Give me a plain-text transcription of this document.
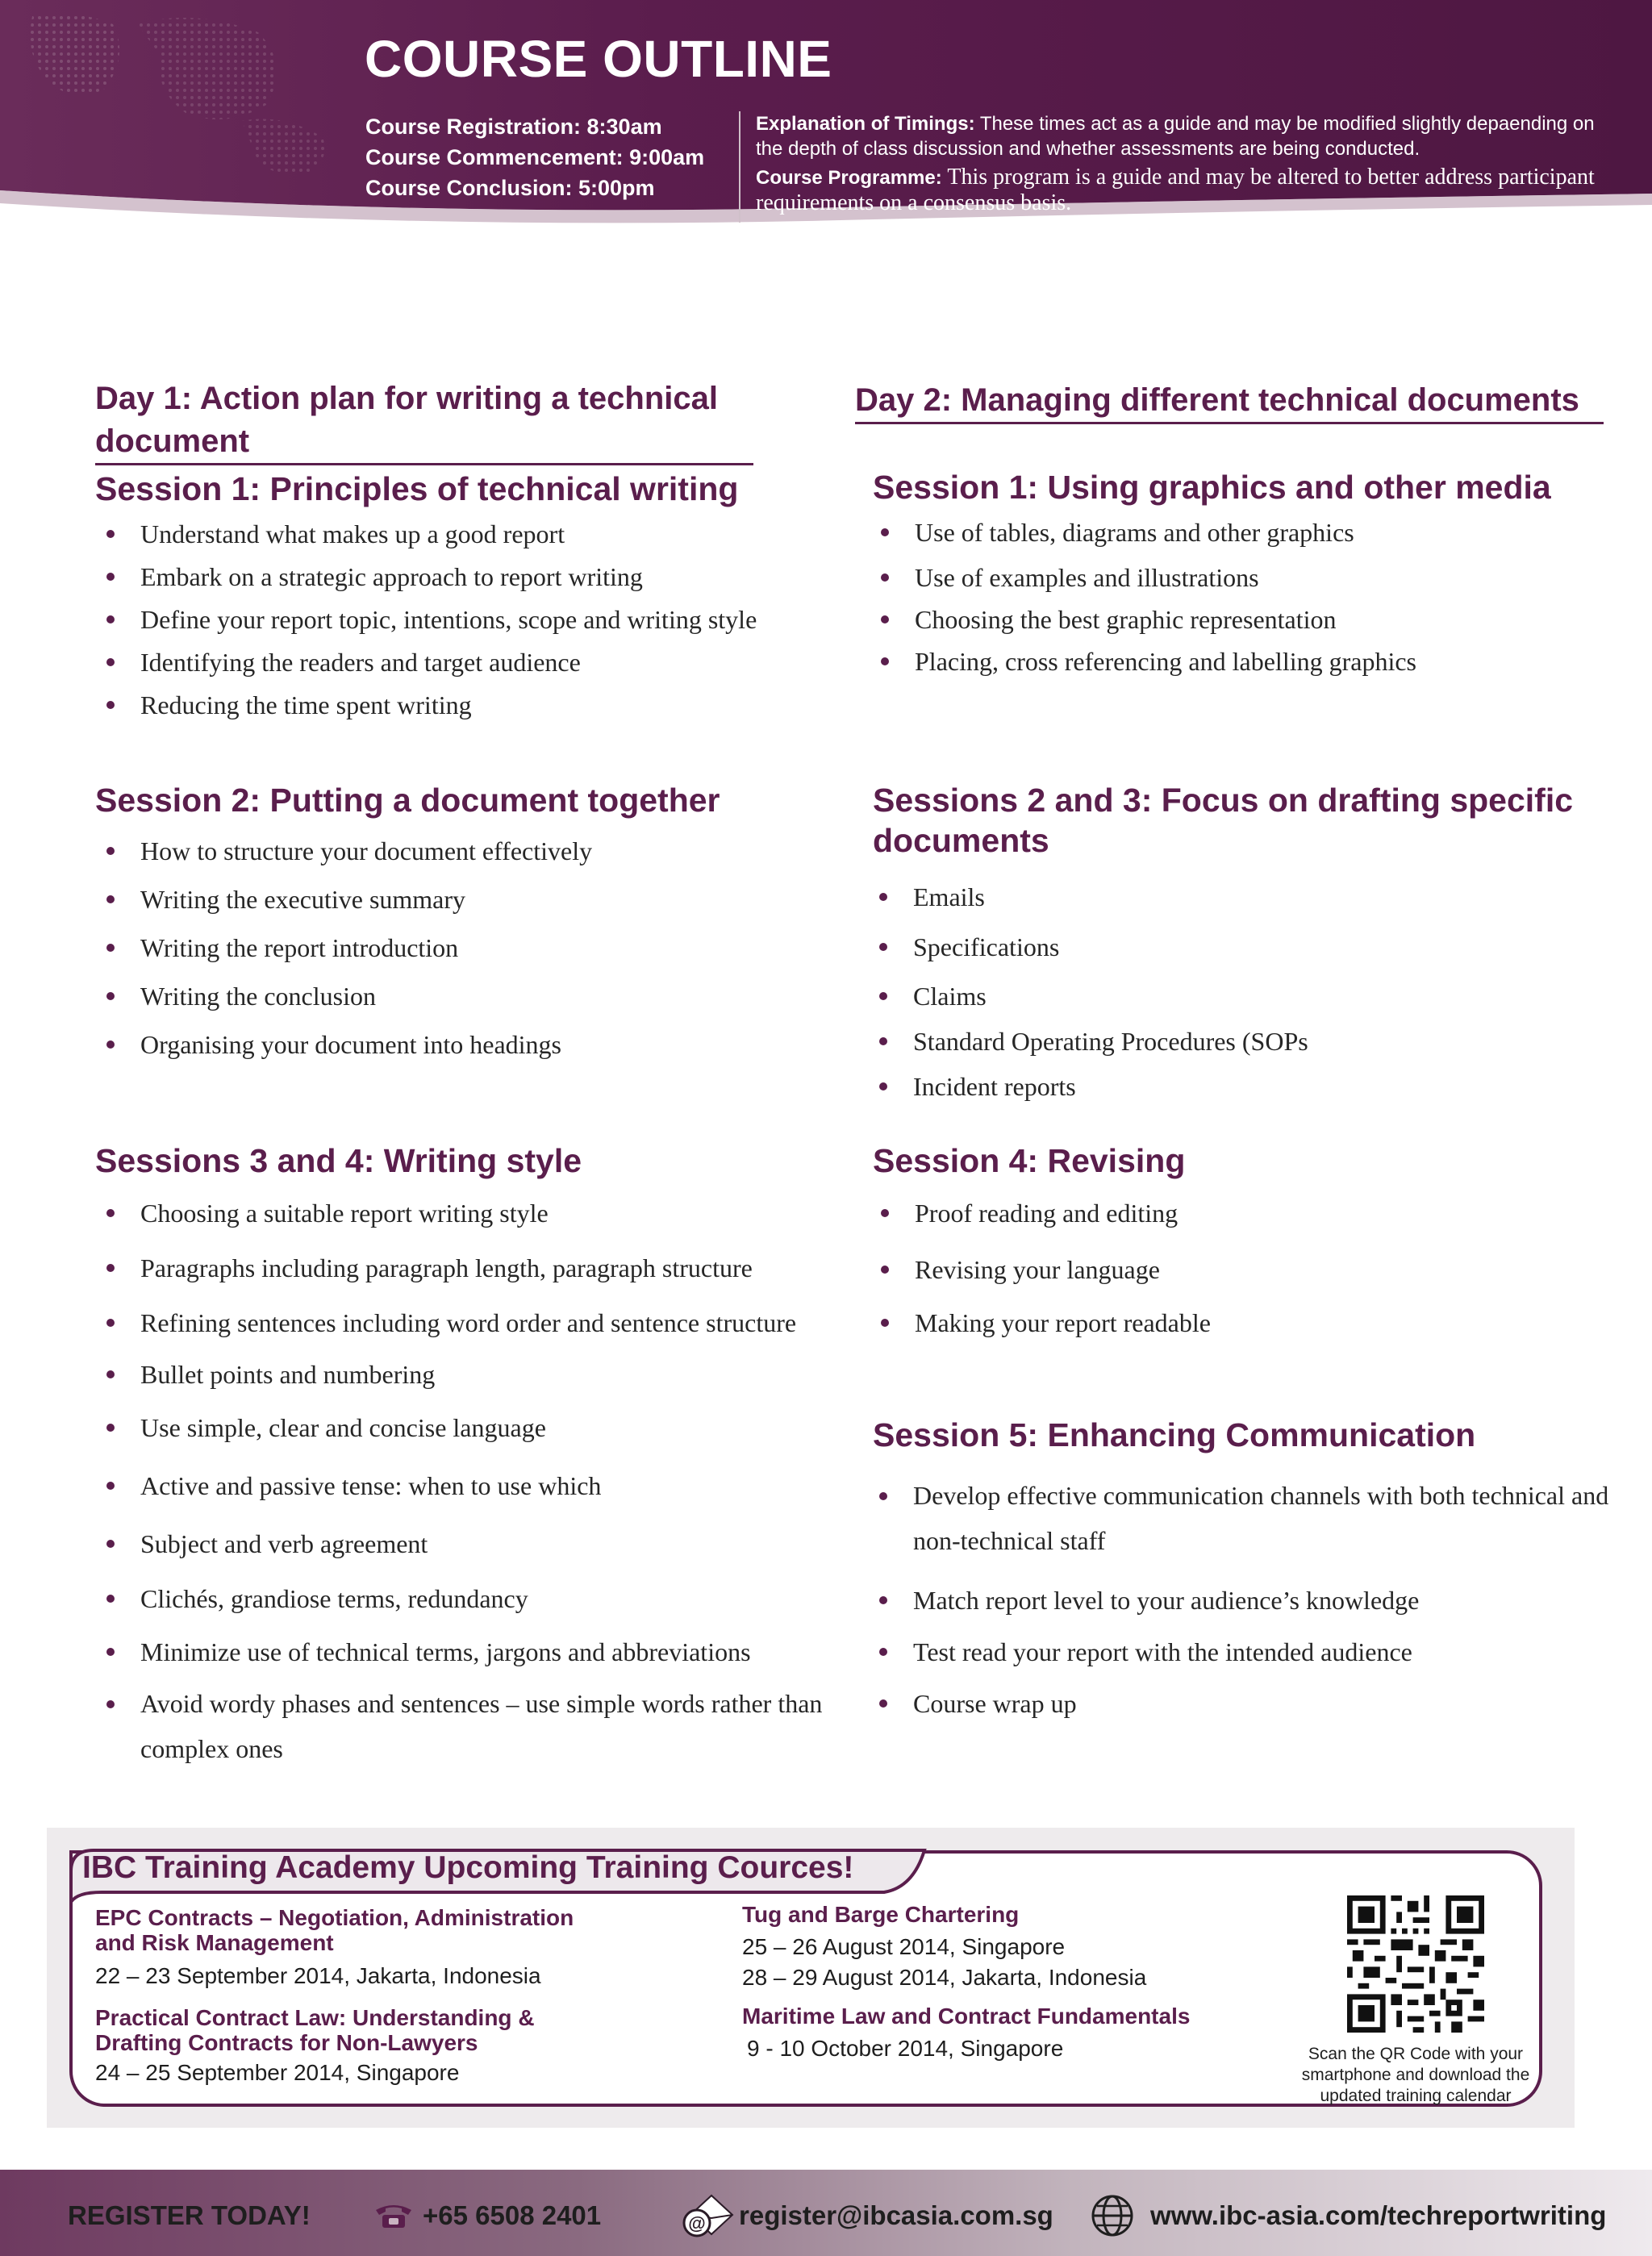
COURSE OUTLINE
Course Registration: 8:30am
Course Commencement: 9:00am
Course Conclusion: 5:00pm
Explanation of Timings: These times act as a guide and may be modified slightly depaending on the depth of class discussion and whether assessments are being conducted.
Course Programme: This program is a guide and may be altered to better address participant requirements on a consensus basis.
Day 1: Action plan for writing a technical document
Session 1: Principles of technical writing
Understand what makes up a good report
Embark on a strategic approach to report writing
Define your report topic, intentions, scope and writing style
Identifying the readers and target audience
Reducing the time spent writing
Session 2: Putting a document together
How to structure your document effectively
Writing the executive summary
Writing the report introduction
Writing the conclusion
Organising your document into headings
Sessions 3 and 4: Writing style
Choosing a suitable report writing style
Paragraphs including paragraph length, paragraph structure
Refining sentences including word order and sentence structure
Bullet points and numbering
Use simple, clear and concise language
Active and passive tense: when to use which
Subject and verb agreement
Clichés, grandiose terms, redundancy
Minimize use of technical terms, jargons and abbreviations
Avoid wordy phases and sentences – use simple words rather than complex ones
Day 2: Managing different technical documents
Session 1: Using graphics and other media
Use of tables, diagrams and other graphics
Use of examples and illustrations
Choosing the best graphic representation
Placing, cross referencing and labelling graphics
Sessions 2 and 3: Focus on drafting specific documents
Emails
Specifications
Claims
Standard Operating Procedures (SOPs
Incident reports
Session 4: Revising
Proof reading and editing
Revising your language
Making your report readable
Session 5: Enhancing Communication
Develop effective communication channels with both technical and non-technical staff
Match report level to your audience’s knowledge
Test read your report with the intended audience
Course wrap up
EPC Contracts – Negotiation, Administration and Risk Management
22 – 23 September 2014, Jakarta, Indonesia
Practical Contract Law: Understanding & Drafting Contracts for Non-Lawyers
24 – 25 September 2014, Singapore
Tug and Barge Chartering
25 – 26 August 2014, Singapore
28 – 29 August 2014, Jakarta, Indonesia
Maritime Law and Contract Fundamentals
9 - 10 October 2014, Singapore	Scan the QR Code with your smartphone and download the updated training calendar
IBC Training Academy Upcoming Training Cources!
REGISTER TODAY!	+65 6508 2401	@ register@ibcasia.com.sg	www.ibc-asia.com/techreportwriting
